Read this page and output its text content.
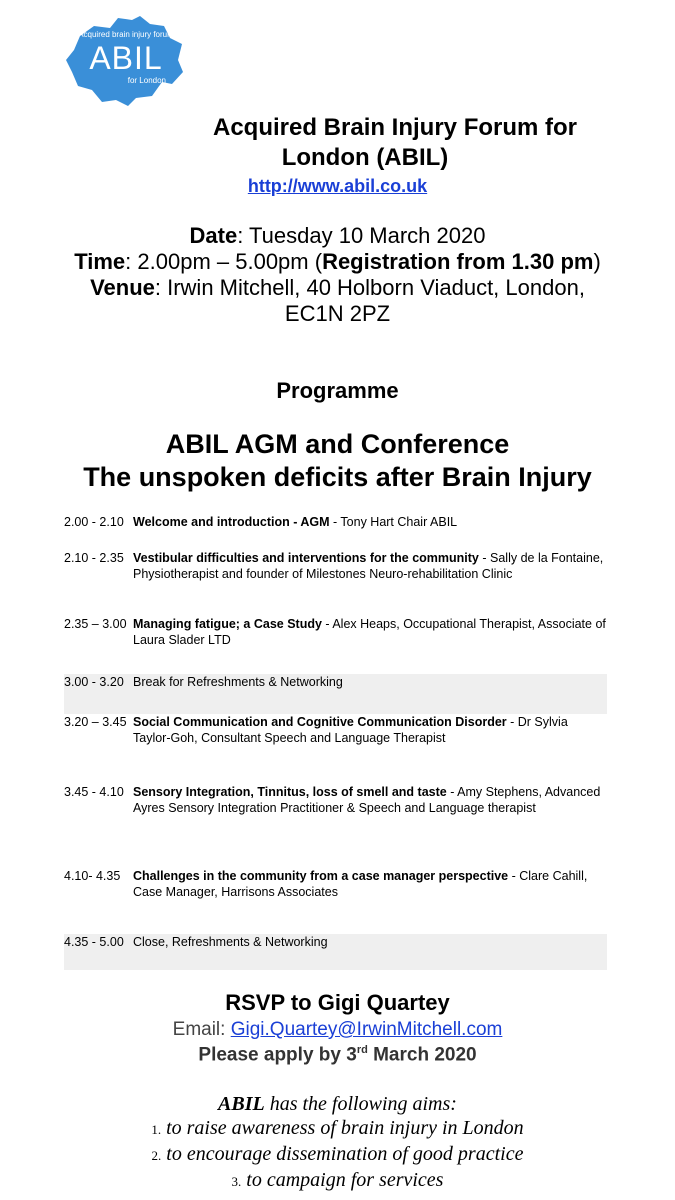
Acquired brain injury forum
ABIL
for London
Acquired Brain Injury Forum for
London (ABIL)
http://www.abil.co.uk
Date: Tuesday 10 March 2020
Time: 2.00pm – 5.00pm (Registration from 1.30 pm)
Venue: Irwin Mitchell, 40 Holborn Viaduct, London, EC1N 2PZ
Programme
ABIL AGM and Conference
The unspoken deficits after Brain Injury
2.00 - 2.10	Welcome and introduction - AGM - Tony Hart Chair ABIL
2.10 - 2.35	Vestibular difficulties and interventions for the community - Sally de la Fontaine, Physiotherapist and founder of Milestones Neuro-rehabilitation Clinic
2.35 – 3.00	Managing fatigue; a Case Study - Alex Heaps, Occupational Therapist, Associate of Laura Slader LTD
3.00 - 3.20	Break for Refreshments & Networking
3.20 – 3.45	Social Communication and Cognitive Communication Disorder - Dr Sylvia Taylor-Goh, Consultant Speech and Language Therapist
3.45 - 4.10	Sensory Integration, Tinnitus, loss of smell and taste - Amy Stephens, Advanced Ayres Sensory Integration Practitioner & Speech and Language therapist
4.10- 4.35	Challenges in the community from a case manager perspective - Clare Cahill, Case Manager, Harrisons Associates
4.35 - 5.00	Close, Refreshments & Networking
RSVP to Gigi Quartey
Email: Gigi.Quartey@IrwinMitchell.com
Please apply by 3rd March 2020
ABIL has the following aims:
1. to raise awareness of brain injury in London
2. to encourage dissemination of good practice
3. to campaign for services
